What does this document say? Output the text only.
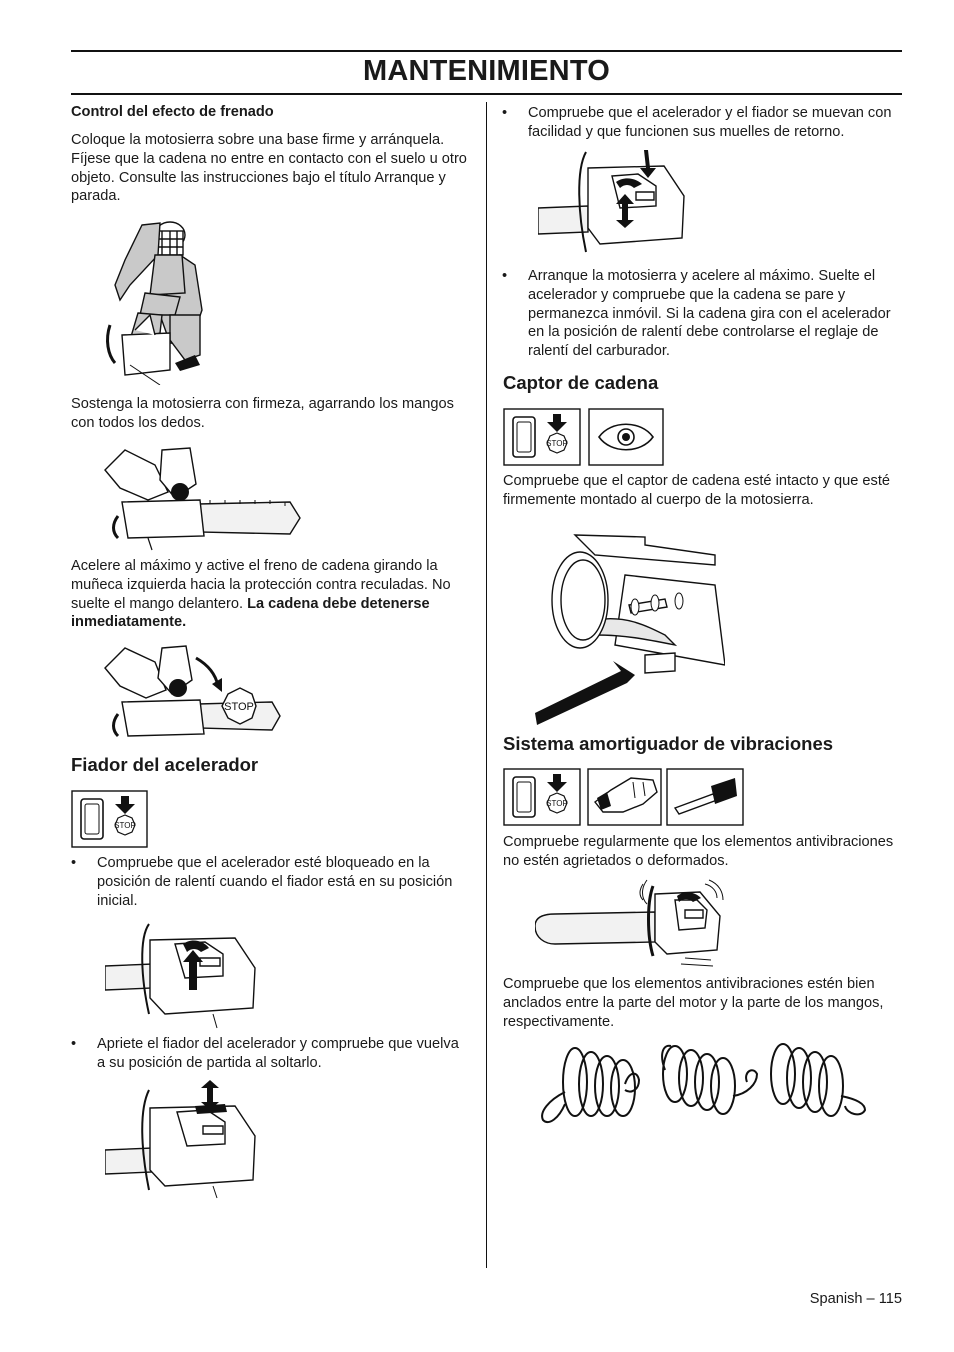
MANTENIMIENTO
Control del efecto de frenado

Coloque la motosierra sobre una base firme y arránquela. Fíjese que la cadena no entre en contacto con el suelo u otro objeto. Consulte las instrucciones bajo el título Arranque y parada.

Sostenga la motosierra con firmeza, agarrando los mangos con todos los dedos.

Acelere al máximo y active el freno de cadena girando la muñeca izquierda hacia la protección contra reculadas. No suelte el mango delantero. La cadena debe detenerse inmediatamente.

STOP
Fiador del acelerador
STOP
• Compruebe que el acelerador esté bloqueado en la posición de ralentí cuando el fiador está en su posición inicial.
• Apriete el fiador del acelerador y compruebe que vuelva a su posición de partida al soltarlo.
• Compruebe que el acelerador y el fiador se muevan con facilidad y que funcionen sus muelles de retorno.
• Arranque la motosierra y acelere al máximo. Suelte el acelerador y compruebe que la cadena se pare y permanezca inmóvil. Si la cadena gira con el acelerador en la posición de ralentí debe controlarse el reglaje de ralentí del carburador.
Captor de cadena
STOP

Compruebe que el captor de cadena esté intacto y que esté firmemente montado al cuerpo de la motosierra.

Sistema amortiguador de vibraciones
STOP

Compruebe regularmente que los elementos antivibraciones no estén agrietados o deformados.

Compruebe que los elementos antivibraciones estén bien anclados entre la parte del motor y la parte de los mangos, respectivamente.

Spanish – 115
